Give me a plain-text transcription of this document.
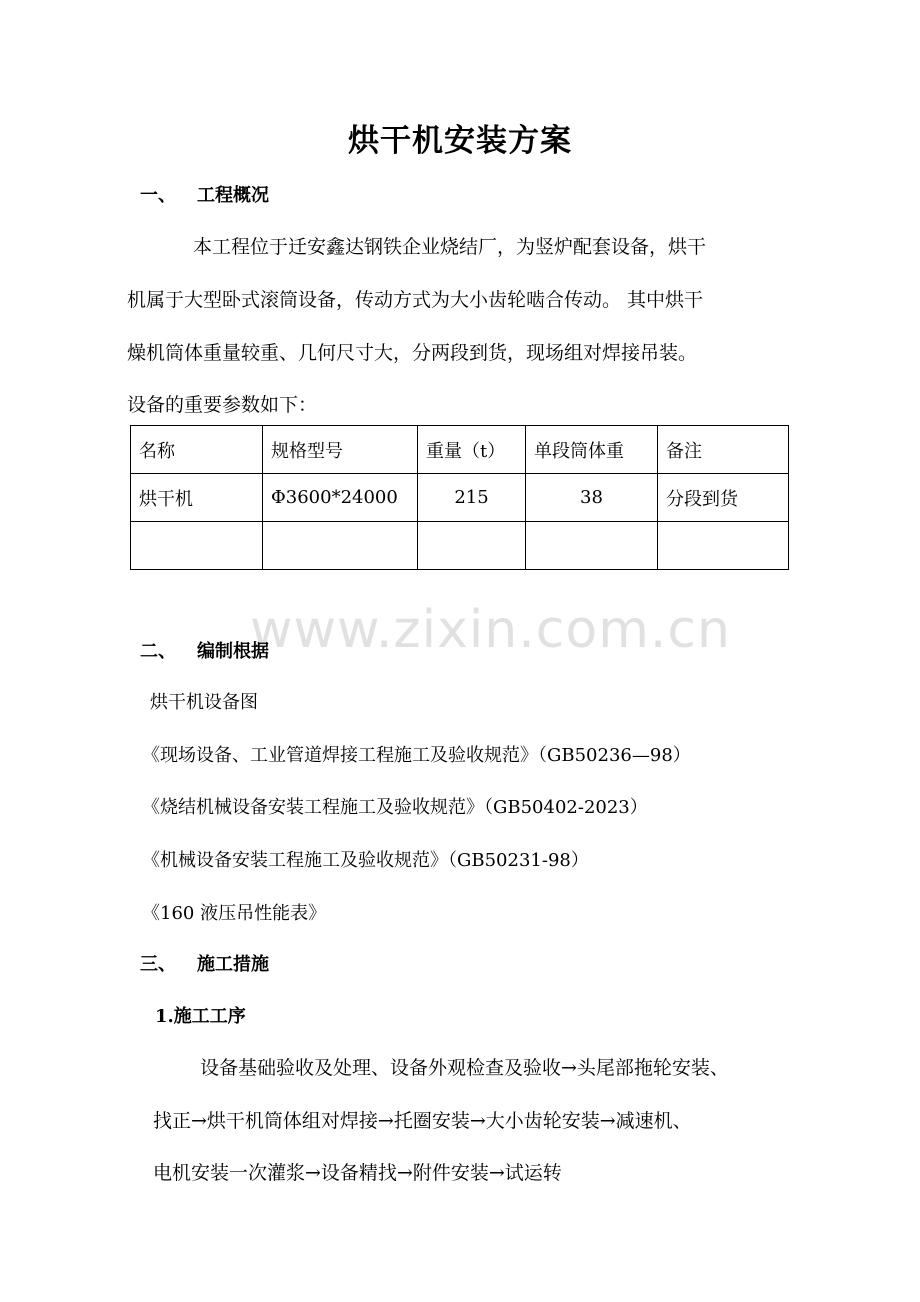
烘干机安装方案
一、 工程概况
本工程位于迁安鑫达钢铁企业烧结厂，为竖炉配套设备，烘干
机属于大型卧式滚筒设备，传动方式为大小齿轮啮合传动。 其中烘干
燥机筒体重量较重、几何尺寸大，分两段到货，现场组对焊接吊装。
设备的重要参数如下：
名称	规格型号	重量（t）	单段筒体重	备注
烘干机	Φ3600*24000	215	38	分段到货

www.zixin.com.cn
二、 编制根据
烘干机设备图
《现场设备、工业管道焊接工程施工及验收规范》（GB50236—98）
《烧结机械设备安装工程施工及验收规范》（GB50402-2023）
《机械设备安装工程施工及验收规范》（GB50231-98）
《160 液压吊性能表》
三、 施工措施
1.施工工序
设备基础验收及处理、设备外观检查及验收→头尾部拖轮安装、
找正→烘干机筒体组对焊接→托圈安装→大小齿轮安装→减速机、
电机安装一次灌浆→设备精找→附件安装→试运转
